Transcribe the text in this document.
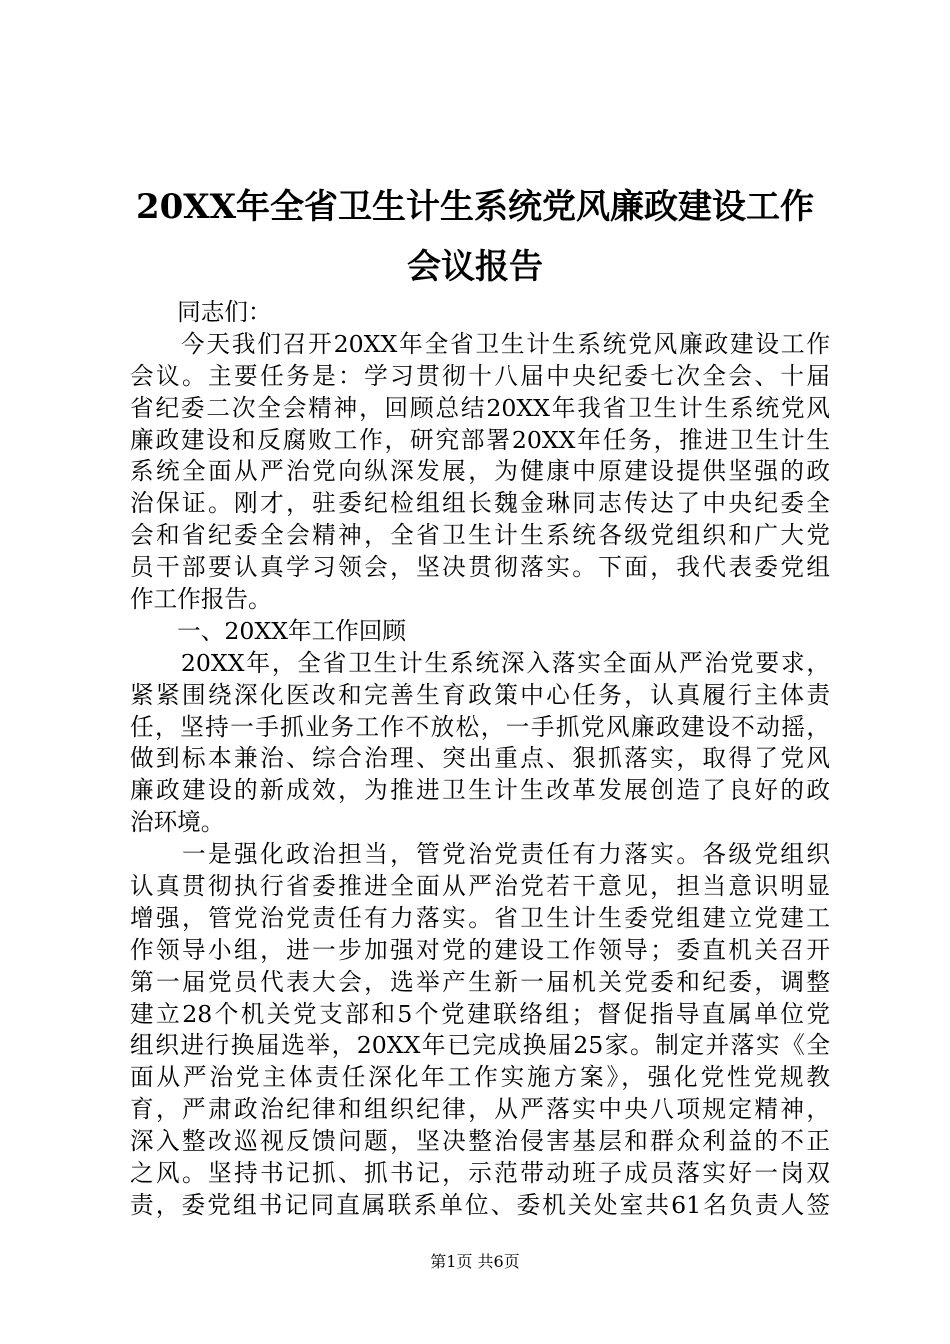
20XX年全省卫生计生系统党风廉政建设工作
会议报告
　　同志们：
　　今天我们召开20XX年全省卫生计生系统党风廉政建设工作
会议。主要任务是：学习贯彻十八届中央纪委七次全会、十届
省纪委二次全会精神，回顾总结20XX年我省卫生计生系统党风
廉政建设和反腐败工作，研究部署20XX年任务，推进卫生计生
系统全面从严治党向纵深发展，为健康中原建设提供坚强的政
治保证。刚才，驻委纪检组组长魏金琳同志传达了中央纪委全
会和省纪委全会精神，全省卫生计生系统各级党组织和广大党
员干部要认真学习领会，坚决贯彻落实。下面，我代表委党组
作工作报告。
　　一、20XX年工作回顾
　　20XX年，全省卫生计生系统深入落实全面从严治党要求，
紧紧围绕深化医改和完善生育政策中心任务，认真履行主体责
任，坚持一手抓业务工作不放松，一手抓党风廉政建设不动摇，
做到标本兼治、综合治理、突出重点、狠抓落实，取得了党风
廉政建设的新成效，为推进卫生计生改革发展创造了良好的政
治环境。
　　一是强化政治担当，管党治党责任有力落实。各级党组织
认真贯彻执行省委推进全面从严治党若干意见，担当意识明显
增强，管党治党责任有力落实。省卫生计生委党组建立党建工
作领导小组，进一步加强对党的建设工作领导；委直机关召开
第一届党员代表大会，选举产生新一届机关党委和纪委，调整
建立28个机关党支部和5个党建联络组；督促指导直属单位党
组织进行换届选举，20XX年已完成换届25家。制定并落实《全
面从严治党主体责任深化年工作实施方案》，强化党性党规教
育，严肃政治纪律和组织纪律，从严落实中央八项规定精神，
深入整改巡视反馈问题，坚决整治侵害基层和群众利益的不正
之风。坚持书记抓、抓书记，示范带动班子成员落实好一岗双
责，委党组书记同直属联系单位、委机关处室共61名负责人签
第1页 共6页
